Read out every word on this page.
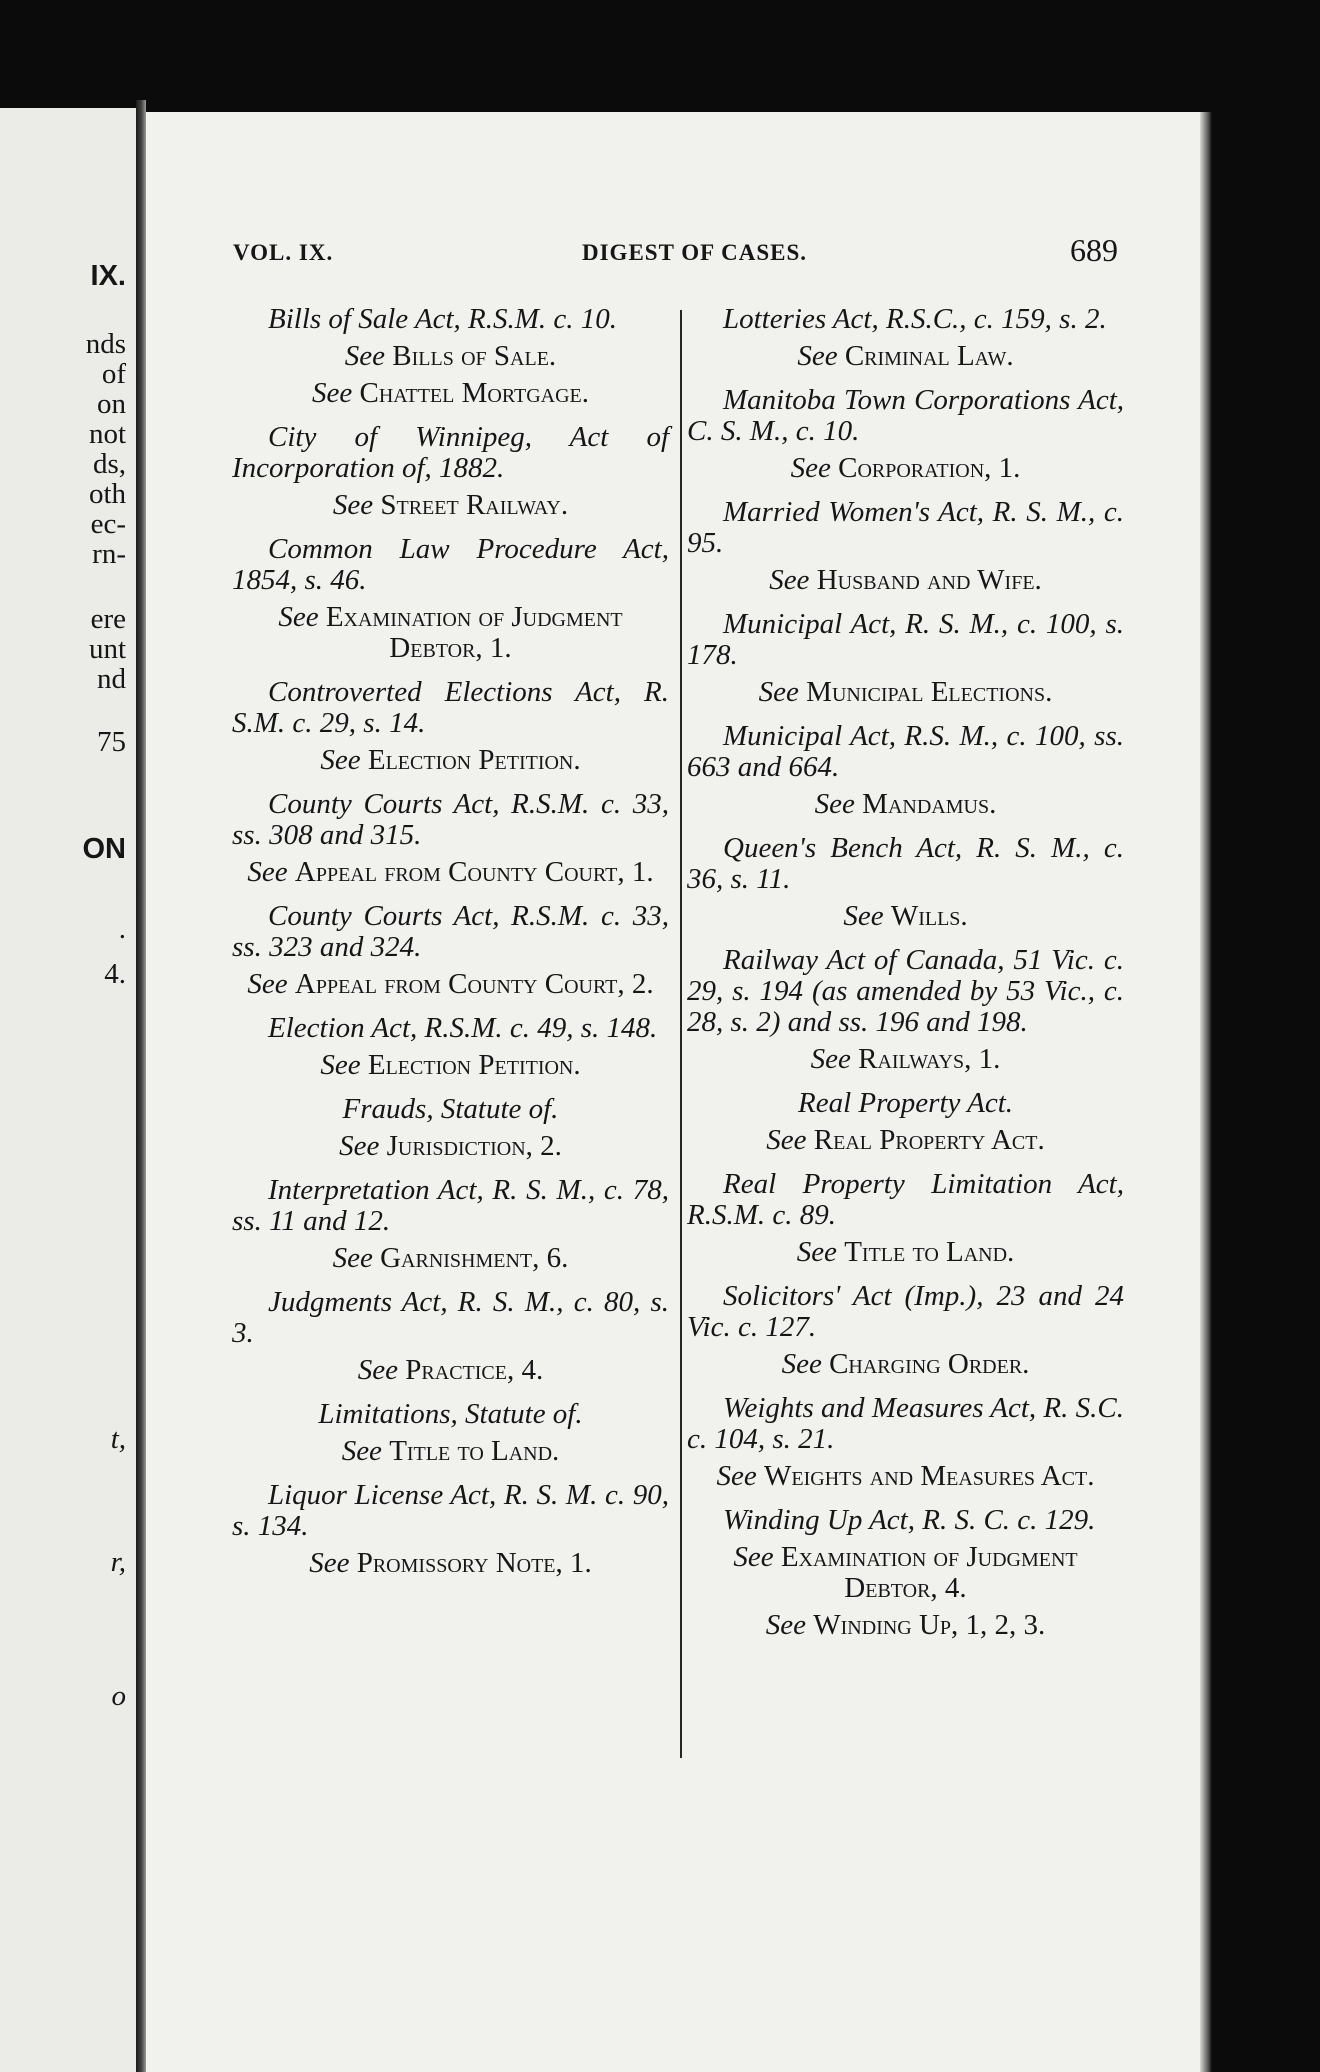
IX.

nds

of

on

not

ds,

oth

ec-

rn-

ere

unt

nd

75

ON

.

4.

t,

r,

o

VOL. IX.	DIGEST OF CASES.	689

Bills of Sale Act, R.S.M. c. 10.

See Bills of Sale.

See Chattel Mortgage.

City of Winnipeg, Act of Incorporation of, 1882.

See Street Railway.

Common Law Procedure Act, 1854, s. 46.

See Examination of Judgment Debtor, 1.

Controverted Elections Act, R. S.M. c. 29, s. 14.

See Election Petition.

County Courts Act, R.S.M. c. 33, ss. 308 and 315.

See Appeal from County Court, 1.

County Courts Act, R.S.M. c. 33, ss. 323 and 324.

See Appeal from County Court, 2.

Election Act, R.S.M. c. 49, s. 148.

See Election Petition.

Frauds, Statute of.

See Jurisdiction, 2.

Interpretation Act, R. S. M., c. 78, ss. 11 and 12.

See Garnishment, 6.

Judgments Act, R. S. M., c. 80, s. 3.

See Practice, 4.

Limitations, Statute of.

See Title to Land.

Liquor License Act, R. S. M. c. 90, s. 134.

See Promissory Note, 1.

Lotteries Act, R.S.C., c. 159, s. 2.

See Criminal Law.

Manitoba Town Corporations Act, C. S. M., c. 10.

See Corporation, 1.

Married Women's Act, R. S. M., c. 95.

See Husband and Wife.

Municipal Act, R. S. M., c. 100, s. 178.

See Municipal Elections.

Municipal Act, R.S. M., c. 100, ss. 663 and 664.

See Mandamus.

Queen's Bench Act, R. S. M., c. 36, s. 11.

See Wills.

Railway Act of Canada, 51 Vic. c. 29, s. 194 (as amended by 53 Vic., c. 28, s. 2) and ss. 196 and 198.

See Railways, 1.

Real Property Act.

See Real Property Act.

Real Property Limitation Act, R.S.M. c. 89.

See Title to Land.

Solicitors' Act (Imp.), 23 and 24 Vic. c. 127.

See Charging Order.

Weights and Measures Act, R. S.C. c. 104, s. 21.

See Weights and Measures Act.

Winding Up Act, R. S. C. c. 129.

See Examination of Judgment Debtor, 4.

See Winding Up, 1, 2, 3.
